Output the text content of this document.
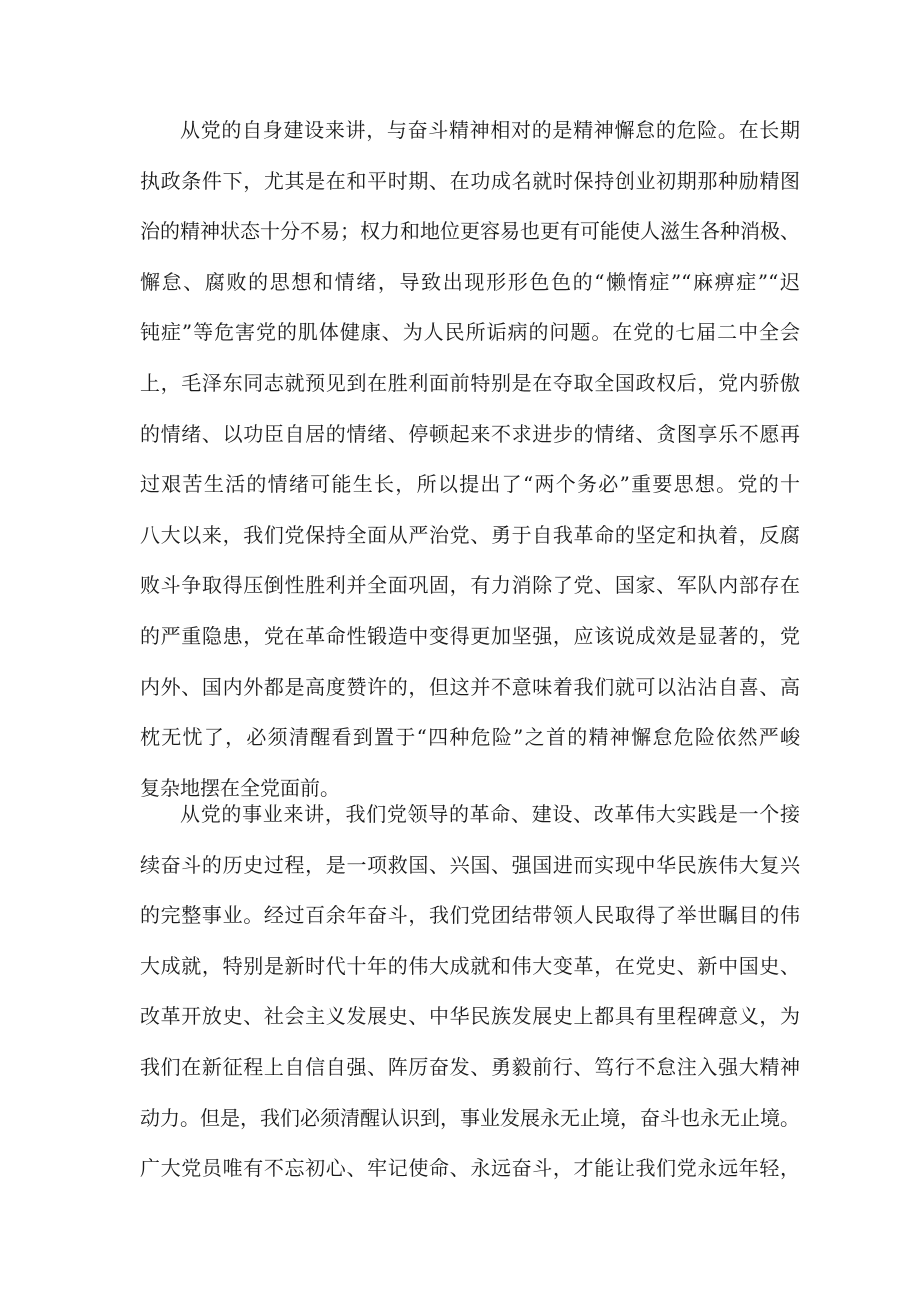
从党的自身建设来讲，与奋斗精神相对的是精神懈怠的危险。在长期
执政条件下，尤其是在和平时期、在功成名就时保持创业初期那种励精图
治的精神状态十分不易；权力和地位更容易也更有可能使人滋生各种消极、
懈怠、腐败的思想和情绪，导致出现形形色色的“懒惰症”“麻痹症”“迟
钝症”等危害党的肌体健康、为人民所诟病的问题。在党的七届二中全会
上，毛泽东同志就预见到在胜利面前特别是在夺取全国政权后，党内骄傲
的情绪、以功臣自居的情绪、停顿起来不求进步的情绪、贪图享乐不愿再
过艰苦生活的情绪可能生长，所以提出了“两个务必”重要思想。党的十
八大以来，我们党保持全面从严治党、勇于自我革命的坚定和执着，反腐
败斗争取得压倒性胜利并全面巩固，有力消除了党、国家、军队内部存在
的严重隐患，党在革命性锻造中变得更加坚强，应该说成效是显著的，党
内外、国内外都是高度赞许的，但这并不意味着我们就可以沾沾自喜、高
枕无忧了，必须清醒看到置于“四种危险”之首的精神懈怠危险依然严峻
复杂地摆在全党面前。
从党的事业来讲，我们党领导的革命、建设、改革伟大实践是一个接
续奋斗的历史过程，是一项救国、兴国、强国进而实现中华民族伟大复兴
的完整事业。经过百余年奋斗，我们党团结带领人民取得了举世瞩目的伟
大成就，特别是新时代十年的伟大成就和伟大变革，在党史、新中国史、
改革开放史、社会主义发展史、中华民族发展史上都具有里程碑意义，为
我们在新征程上自信自强、阵厉奋发、勇毅前行、笃行不怠注入强大精神
动力。但是，我们必须清醒认识到，事业发展永无止境，奋斗也永无止境。
广大党员唯有不忘初心、牢记使命、永远奋斗，才能让我们党永远年轻，
